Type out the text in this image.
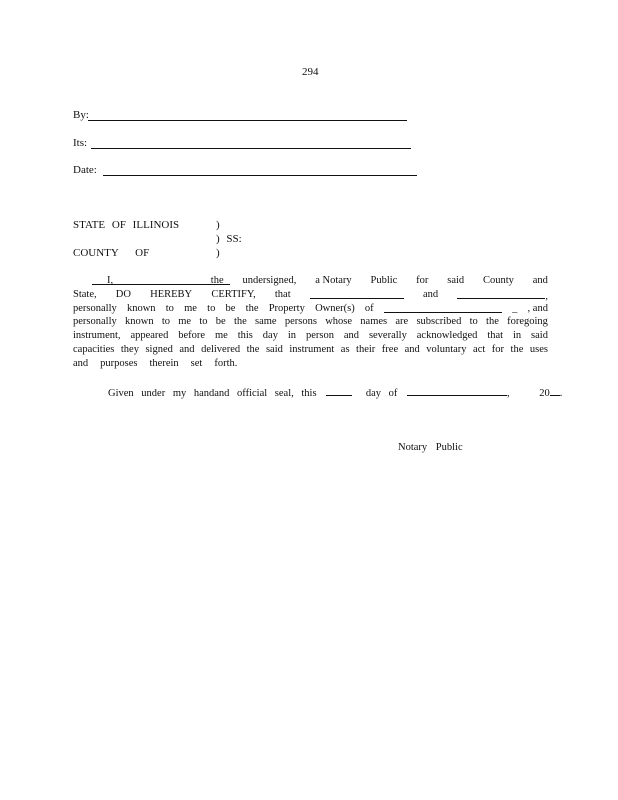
294
By:
Its:
Date:
STATE OF ILLINOIS	)
) SS:
COUNTY OF	)
I,	the undersigned, a Notary Public for said County and
State, DO HEREBY CERTIFY, that	and	,
personally known to me to be the Property Owner(s) of	_ , and
personally known to me to be the same persons whose names are subscribed to the foregoing
instrument, appeared before me this day in person and severally acknowledged that in said
capacities they signed and delivered the said instrument as their free and voluntary act for the uses
and purposes therein set forth.
Given under my handand official seal, this	day of	,	20 .
Notary Public
